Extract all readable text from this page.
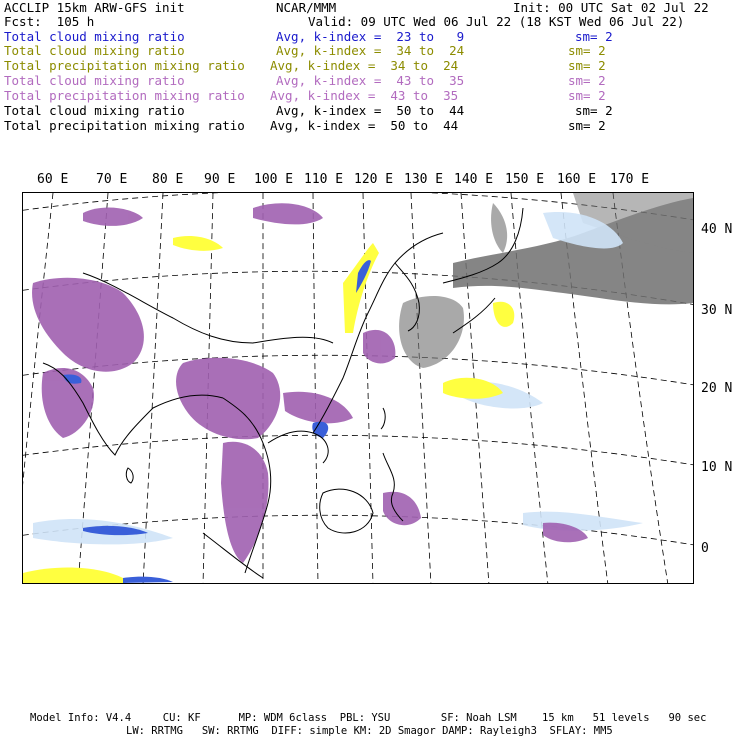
ACCLIP 15km ARW-GFS init	NCAR/MMM	Init: 00 UTC Sat 02 Jul 22
Fcst:  105 h	Valid: 09 UTC Wed 06 Jul 22 (18 KST Wed 06 Jul 22)
Total cloud mixing ratio	Avg, k-index =  23 to   9	sm= 2
Total cloud mixing ratio	Avg, k-index =  34 to  24	sm= 2
Total precipitation mixing ratio Avg, k-index =  34 to  24	sm= 2
Total cloud mixing ratio	Avg, k-index =  43 to  35	sm= 2
Total precipitation mixing ratio Avg, k-index =  43 to  35	sm= 2
Total cloud mixing ratio	Avg, k-index =  50 to  44	sm= 2
Total precipitation mixing ratio Avg, k-index =  50 to  44	sm= 2
60 E 70 E 80 E 90 E 100 E 110 E 120 E 130 E 140 E 150 E 160 E 170 E
40 N
30 N
20 N
10 N
0
Model Info: V4.4     CU: KF      MP: WDM 6class  PBL: YSU        SF: Noah LSM    15 km   51 levels   90 sec
LW: RRTMG   SW: RRTMG  DIFF: simple KM: 2D Smagor DAMP: Rayleigh3  SFLAY: MM5
